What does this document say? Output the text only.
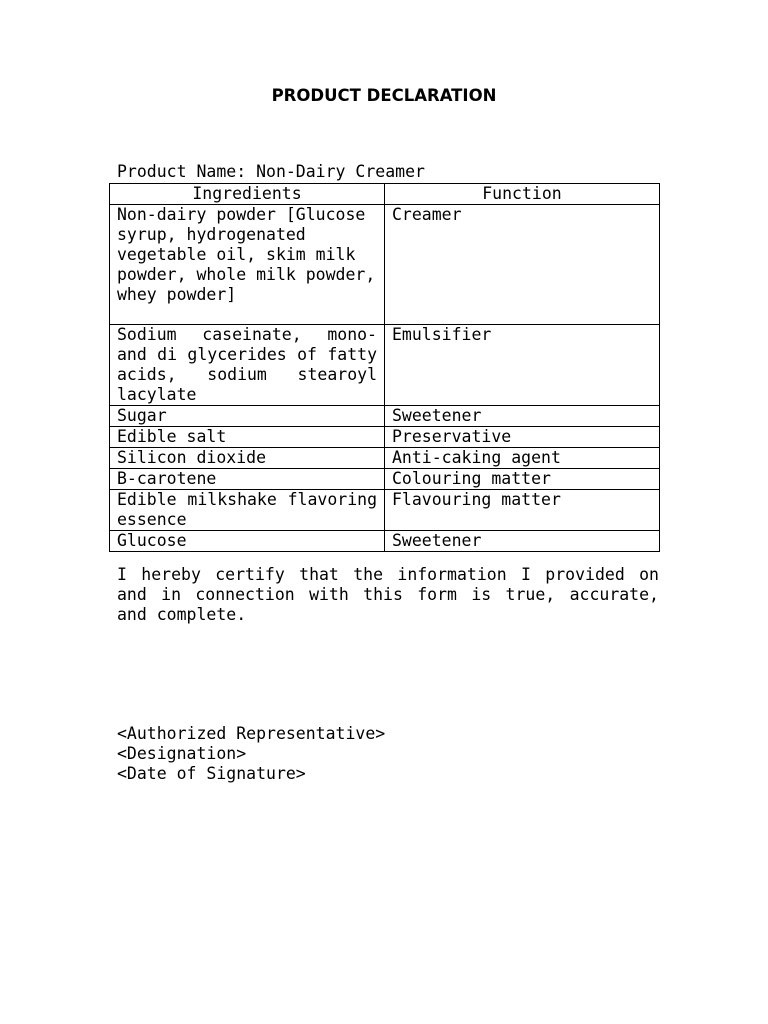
PRODUCT DECLARATION

Product Name: Non-Dairy Creamer

Ingredients	Function
Non-dairy powder [Glucose syrup, hydrogenated vegetable oil, skim milk powder, whole milk powder, whey powder]	Creamer
Sodium caseinate, mono- and di glycerides of fatty acids, sodium stearoyl lacylate	Emulsifier
Sugar	Sweetener
Edible salt	Preservative
Silicon dioxide	Anti-caking agent
B-carotene	Colouring matter
Edible milkshake flavoring essence	Flavouring matter
Glucose	Sweetener

I hereby certify that the information I provided on and in connection with this form is true, accurate, and complete.

<Authorized Representative>
<Designation>
<Date of Signature>
